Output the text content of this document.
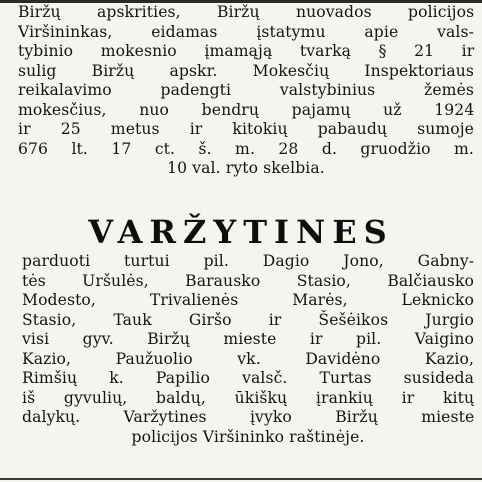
Biržų apskrities, Biržų nuovados policijos
Viršininkas, eidamas įstatymu apie vals-
tybinio mokesnio įmamąją tvarką § 21 ir
sulig Biržų apskr. Mokesčių Inspektoriaus
reikalavimo padengti valstybinius žemės
mokesčius, nuo bendrų pajamų už 1924
ir 25 metus ir kitokių pabaudų sumoje
676 lt. 17 ct. š. m. 28 d. gruodžio m.
10 val. ryto skelbia.
VARŽYTINES
parduoti turtui pil. Dagio Jono, Gabny-
tės Uršulės, Barausko Stasio, Balčiausko
Modesto, Trivalienės Marės, Leknicko
Stasio, Tauk Giršo ir Šešėikos Jurgio
visi gyv. Biržų mieste ir pil. Vaigino
Kazio, Paužuolio vk. Davidėno Kazio,
Rimšių k. Papilio valsč. Turtas susideda
iš gyvulių, baldų, ūkiškų įrankių ir kitų
dalykų. Varžytines įvyko Biržų mieste
policijos Viršininko raštinėje.
